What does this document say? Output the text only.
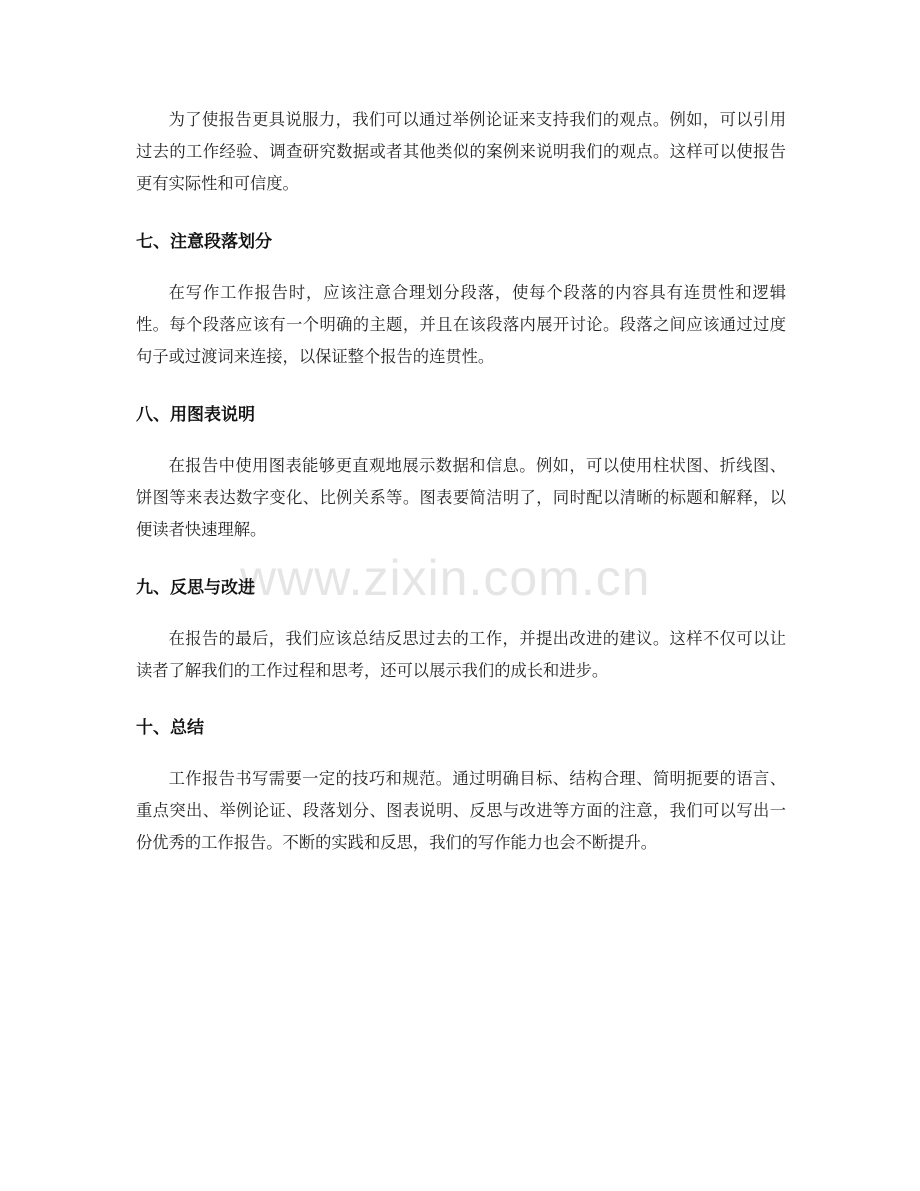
为了使报告更具说服力，我们可以通过举例论证来支持我们的观点。例如，可以引用过去的工作经验、调查研究数据或者其他类似的案例来说明我们的观点。这样可以使报告更有实际性和可信度。

七、注意段落划分

在写作工作报告时，应该注意合理划分段落，使每个段落的内容具有连贯性和逻辑性。每个段落应该有一个明确的主题，并且在该段落内展开讨论。段落之间应该通过过度句子或过渡词来连接，以保证整个报告的连贯性。

八、用图表说明

在报告中使用图表能够更直观地展示数据和信息。例如，可以使用柱状图、折线图、饼图等来表达数字变化、比例关系等。图表要简洁明了，同时配以清晰的标题和解释，以便读者快速理解。

九、反思与改进

在报告的最后，我们应该总结反思过去的工作，并提出改进的建议。这样不仅可以让读者了解我们的工作过程和思考，还可以展示我们的成长和进步。

十、总结

工作报告书写需要一定的技巧和规范。通过明确目标、结构合理、简明扼要的语言、重点突出、举例论证、段落划分、图表说明、反思与改进等方面的注意，我们可以写出一份优秀的工作报告。不断的实践和反思，我们的写作能力也会不断提升。

www.zixin.com.cn
